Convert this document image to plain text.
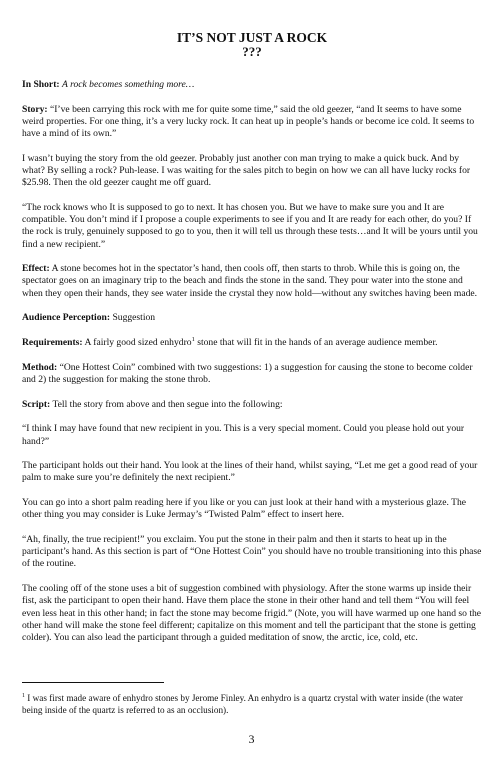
IT’S NOT JUST A ROCK
???

In Short: A rock becomes something more…

Story: “I’ve been carrying this rock with me for quite some time,” said the old geezer, “and It seems to have some weird properties. For one thing, it’s a very lucky rock. It can heat up in people’s hands or become ice cold. It seems to have a mind of its own.”

I wasn’t buying the story from the old geezer. Probably just another con man trying to make a quick buck. And by what? By selling a rock? Puh-lease. I was waiting for the sales pitch to begin on how we can all have lucky rocks for $25.98. Then the old geezer caught me off guard.

“The rock knows who It is supposed to go to next. It has chosen you. But we have to make sure you and It are compatible. You don’t mind if I propose a couple experiments to see if you and It are ready for each other, do you? If the rock is truly, genuinely supposed to go to you, then it will tell us through these tests…and It will be yours until you find a new recipient.”

Effect: A stone becomes hot in the spectator’s hand, then cools off, then starts to throb. While this is going on, the spectator goes on an imaginary trip to the beach and finds the stone in the sand. They pour water into the stone and when they open their hands, they see water inside the crystal they now hold—without any switches having been made.

Audience Perception: Suggestion

Requirements: A fairly good sized enhydro$^1$ stone that will fit in the hands of an average audience member.

Method: “One Hottest Coin” combined with two suggestions: 1) a suggestion for causing the stone to become colder and 2) the suggestion for making the stone throb.

Script: Tell the story from above and then segue into the following:

“I think I may have found that new recipient in you. This is a very special moment. Could you please hold out your hand?”

The participant holds out their hand. You look at the lines of their hand, whilst saying, “Let me get a good read of your palm to make sure you’re definitely the next recipient.”

You can go into a short palm reading here if you like or you can just look at their hand with a mysterious glaze. The other thing you may consider is Luke Jermay’s “Twisted Palm” effect to insert here.

“Ah, finally, the true recipient!” you exclaim. You put the stone in their palm and then it starts to heat up in the participant’s hand. As this section is part of “One Hottest Coin” you should have no trouble transitioning into this phase of the routine.

The cooling off of the stone uses a bit of suggestion combined with physiology. After the stone warms up inside their fist, ask the participant to open their hand. Have them place the stone in their other hand and tell them “You will feel even less heat in this other hand; in fact the stone may become frigid.” (Note, you will have warmed up one hand so the other hand will make the stone feel different; capitalize on this moment and tell the participant that the stone is getting colder). You can also lead the participant through a guided meditation of snow, the arctic, ice, cold, etc.

$^1$ I was first made aware of enhydro stones by Jerome Finley. An enhydro is a quartz crystal with water inside (the water being inside of the quartz is referred to as an occlusion).

3
